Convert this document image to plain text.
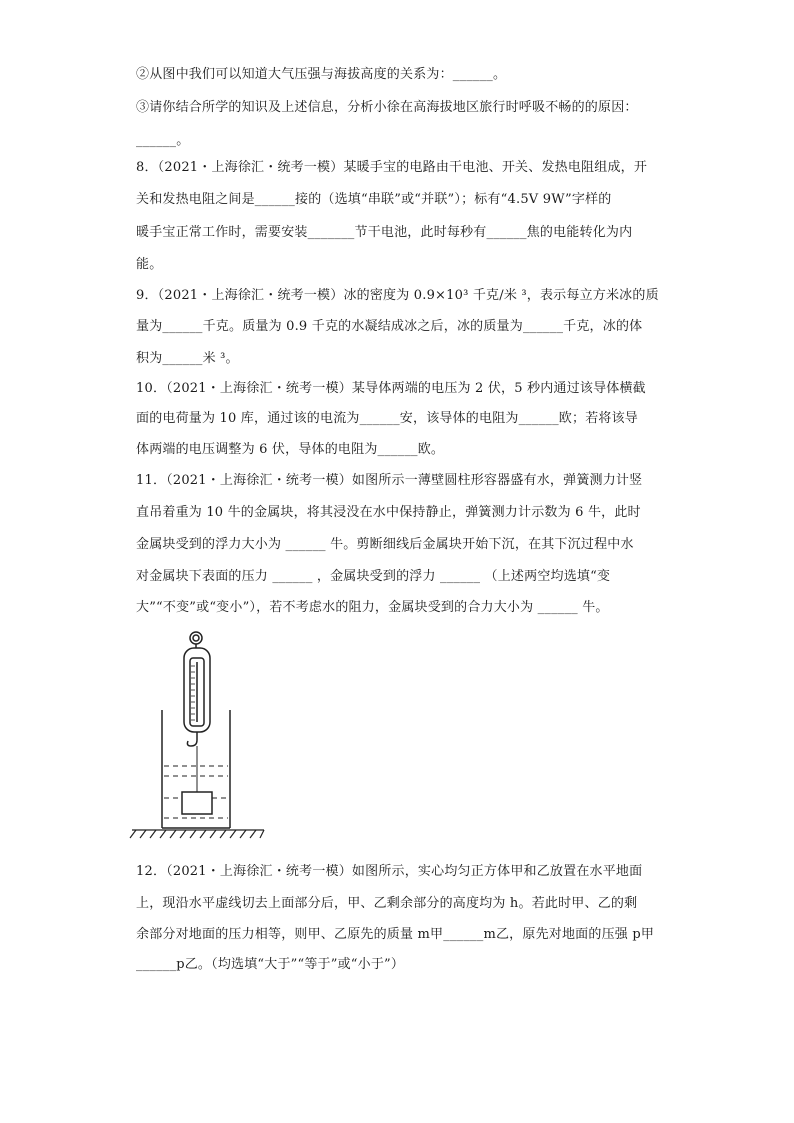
②从图中我们可以知道大气压强与海拔高度的关系为：______。
③请你结合所学的知识及上述信息，分析小徐在高海拔地区旅行时呼吸不畅的的原因：
______。
8．（2021・上海徐汇・统考一模）某暖手宝的电路由干电池、开关、发热电阻组成，开
关和发热电阻之间是______接的（选填“串联”或“并联”）；标有“4.5V 9W”字样的
暖手宝正常工作时，需要安装_______节干电池，此时每秒有______焦的电能转化为内
能。
9．（2021・上海徐汇・统考一模）冰的密度为 0.9×10³ 千克/米 ³，表示每立方米冰的质
量为______千克。质量为 0.9 千克的水凝结成冰之后，冰的质量为______千克，冰的体
积为______米 ³。
10．（2021・上海徐汇・统考一模）某导体两端的电压为 2 伏，5 秒内通过该导体横截
面的电荷量为 10 库，通过该的电流为______安，该导体的电阻为______欧；若将该导
体两端的电压调整为 6 伏，导体的电阻为______欧。
11．（2021・上海徐汇・统考一模）如图所示一薄壁圆柱形容器盛有水，弹簧测力计竖
直吊着重为 10 牛的金属块，将其浸没在水中保持静止，弹簧测力计示数为 6 牛，此时
金属块受到的浮力大小为 ______ 牛。剪断细线后金属块开始下沉，在其下沉过程中水
对金属块下表面的压力 ______ ，金属块受到的浮力 ______ （上述两空均选填“变
大”“不变”或“变小”），若不考虑水的阻力，金属块受到的合力大小为 ______ 牛。
12．（2021・上海徐汇・统考一模）如图所示，实心均匀正方体甲和乙放置在水平地面
上，现沿水平虚线切去上面部分后，甲、乙剩余部分的高度均为 h。若此时甲、乙的剩
余部分对地面的压力相等，则甲、乙原先的质量 m甲______m乙，原先对地面的压强 p甲
______p乙。（均选填“大于”“等于”或“小于”）
